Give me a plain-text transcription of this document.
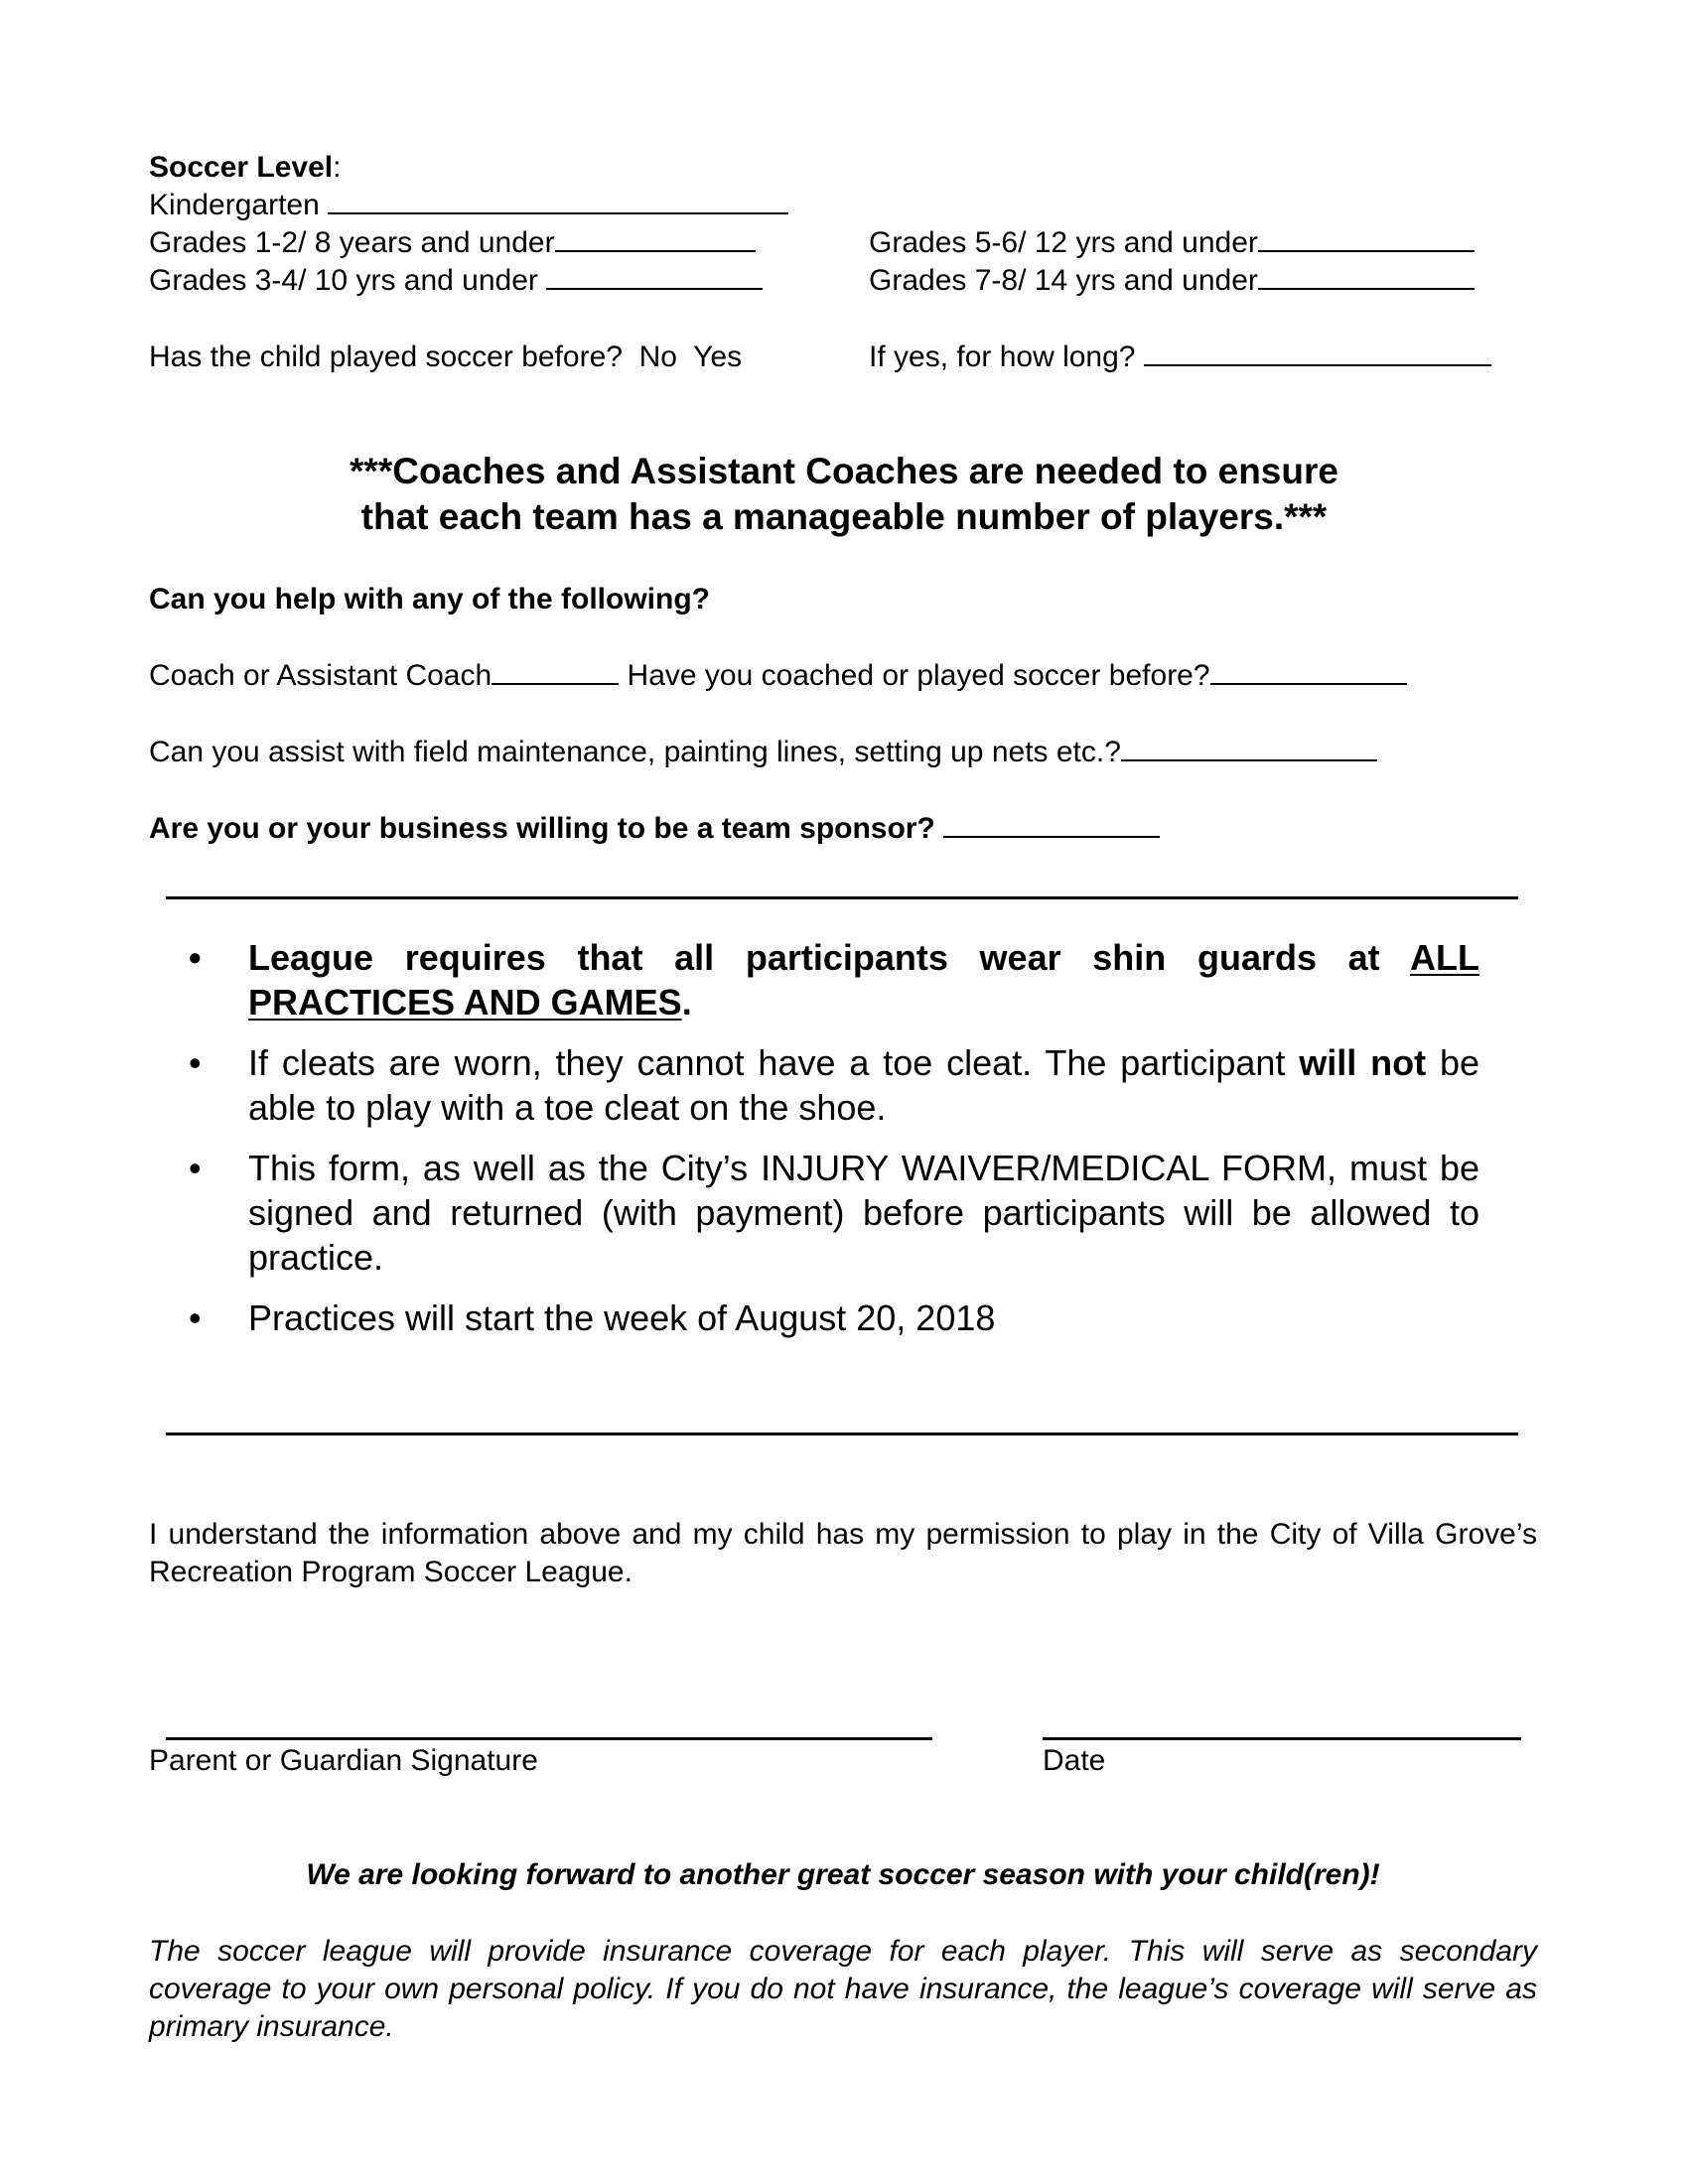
Soccer Level:
Kindergarten
Grades 1-2/ 8 years and under
Grades 3-4/ 10 yrs and under
Grades 5-6/ 12 yrs and under
Grades 7-8/ 14 yrs and under
Has the child played soccer before? No Yes	If yes, for how long?
***Coaches and Assistant Coaches are needed to ensure
that each team has a manageable number of players.***
Can you help with any of the following?
Coach or Assistant Coach	Have you coached or played soccer before?
Can you assist with field maintenance, painting lines, setting up nets etc.?
Are you or your business willing to be a team sponsor?
• League requires that all participants wear shin guards at ALL PRACTICES AND GAMES.
• If cleats are worn, they cannot have a toe cleat. The participant will not be able to play with a toe cleat on the shoe.
• This form, as well as the City’s INJURY WAIVER/MEDICAL FORM, must be signed and returned (with payment) before participants will be allowed to practice.
• Practices will start the week of August 20, 2018
I understand the information above and my child has my permission to play in the City of Villa Grove’s Recreation Program Soccer League.
Parent or Guardian Signature	Date
We are looking forward to another great soccer season with your child(ren)!
The soccer league will provide insurance coverage for each player. This will serve as secondary coverage to your own personal policy. If you do not have insurance, the league’s coverage will serve as primary insurance.
